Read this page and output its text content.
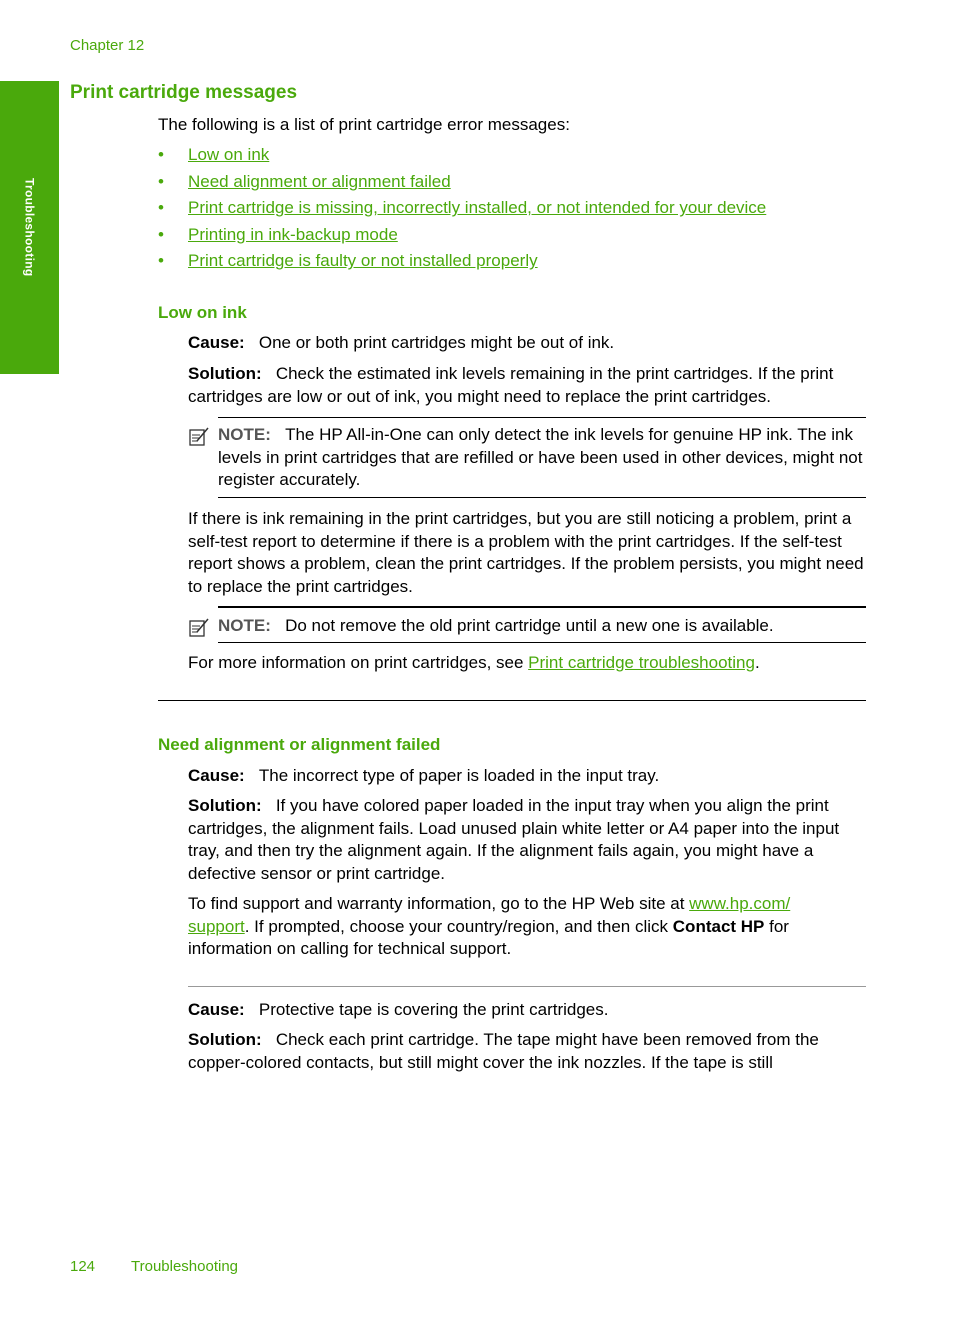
Chapter 12
Troubleshooting
Print cartridge messages
The following is a list of print cartridge error messages:
• Low on ink
• Need alignment or alignment failed
• Print cartridge is missing, incorrectly installed, or not intended for your device
• Printing in ink-backup mode
• Print cartridge is faulty or not installed properly
Low on ink
Cause: One or both print cartridges might be out of ink.
Solution: Check the estimated ink levels remaining in the print cartridges. If the print cartridges are low or out of ink, you might need to replace the print cartridges.
NOTE: The HP All-in-One can only detect the ink levels for genuine HP ink. The ink levels in print cartridges that are refilled or have been used in other devices, might not register accurately.
If there is ink remaining in the print cartridges, but you are still noticing a problem, print a self-test report to determine if there is a problem with the print cartridges. If the self-test report shows a problem, clean the print cartridges. If the problem persists, you might need to replace the print cartridges.
NOTE: Do not remove the old print cartridge until a new one is available.
For more information on print cartridges, see Print cartridge troubleshooting.
Need alignment or alignment failed
Cause: The incorrect type of paper is loaded in the input tray.
Solution: If you have colored paper loaded in the input tray when you align the print cartridges, the alignment fails. Load unused plain white letter or A4 paper into the input tray, and then try the alignment again. If the alignment fails again, you might have a defective sensor or print cartridge.
To find support and warranty information, go to the HP Web site at www.hp.com/
support. If prompted, choose your country/region, and then click Contact HP for
information on calling for technical support.
Cause: Protective tape is covering the print cartridges.
Solution: Check each print cartridge. The tape might have been removed from the copper-colored contacts, but still might cover the ink nozzles. If the tape is still
124 Troubleshooting
